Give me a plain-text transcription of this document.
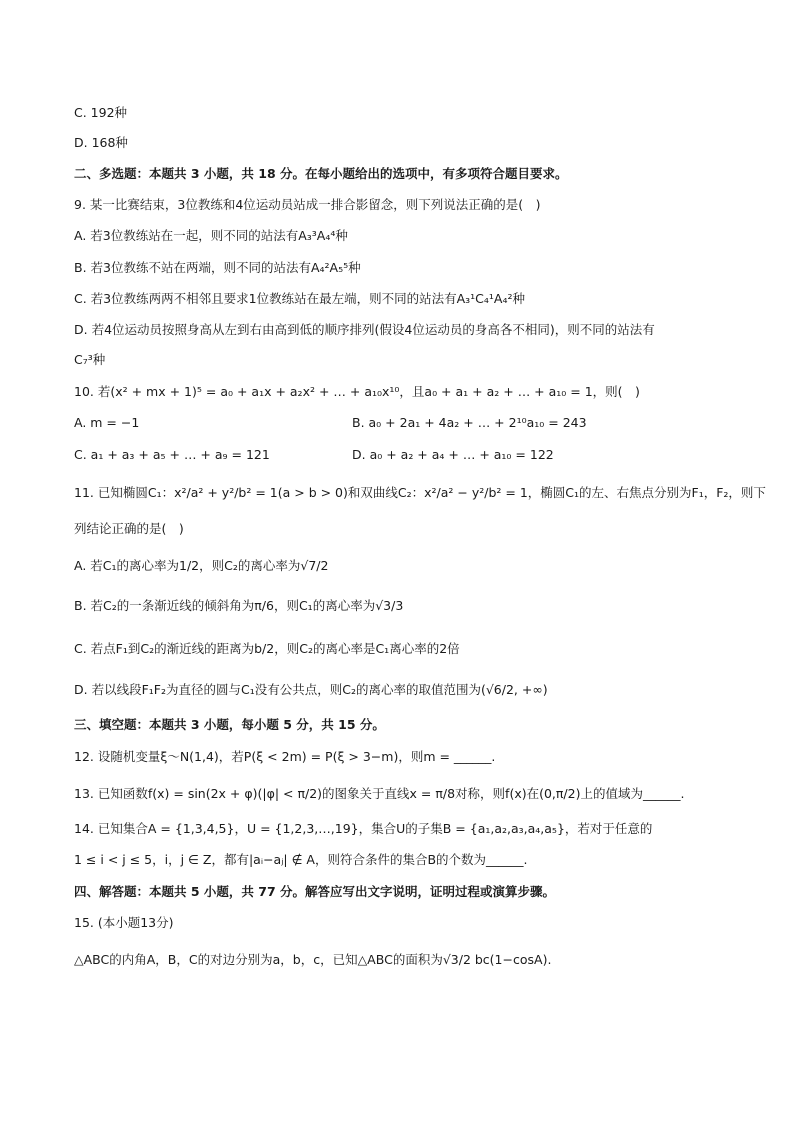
C. 192种
D. 168种
二、多选题：本题共 3 小题，共 18 分。在每小题给出的选项中，有多项符合题目要求。
9. 某一比赛结束，3位教练和4位运动员站成一排合影留念，则下列说法正确的是(　)
A. 若3位教练站在一起，则不同的站法有A₃³A₄⁴种
B. 若3位教练不站在两端，则不同的站法有A₄²A₅⁵种
C. 若3位教练两两不相邻且要求1位教练站在最左端，则不同的站法有A₃¹C₄¹A₄²种
D. 若4位运动员按照身高从左到右由高到低的顺序排列(假设4位运动员的身高各不相同)，则不同的站法有
C₇³种
10. 若(x² + mx + 1)⁵ = a₀ + a₁x + a₂x² + … + a₁₀x¹⁰，且a₀ + a₁ + a₂ + … + a₁₀ = 1，则(　)
A. m = −1	B. a₀ + 2a₁ + 4a₂ + … + 2¹⁰a₁₀ = 243
C. a₁ + a₃ + a₅ + … + a₉ = 121	D. a₀ + a₂ + a₄ + … + a₁₀ = 122
11. 已知椭圆C₁：x²/a² + y²/b² = 1(a > b > 0)和双曲线C₂：x²/a² − y²/b² = 1，椭圆C₁的左、右焦点分别为F₁，F₂，则下
列结论正确的是(　)
A. 若C₁的离心率为1/2，则C₂的离心率为√7/2
B. 若C₂的一条渐近线的倾斜角为π/6，则C₁的离心率为√3/3
C. 若点F₁到C₂的渐近线的距离为b/2，则C₂的离心率是C₁离心率的2倍
D. 若以线段F₁F₂为直径的圆与C₁没有公共点，则C₂的离心率的取值范围为(√6/2, +∞)
三、填空题：本题共 3 小题，每小题 5 分，共 15 分。
12. 设随机变量ξ～N(1,4)，若P(ξ < 2m) = P(ξ > 3−m)，则m = ______.
13. 已知函数f(x) = sin(2x + φ)(|φ| < π/2)的图象关于直线x = π/8对称，则f(x)在(0,π/2)上的值域为______.
14. 已知集合A = {1,3,4,5}，U = {1,2,3,…,19}，集合U的子集B = {a₁,a₂,a₃,a₄,a₅}，若对于任意的
1 ≤ i < j ≤ 5，i，j ∈ Z，都有|aᵢ−aⱼ| ∉ A，则符合条件的集合B的个数为______.
四、解答题：本题共 5 小题，共 77 分。解答应写出文字说明，证明过程或演算步骤。
15. (本小题13分)
△ABC的内角A，B，C的对边分别为a，b，c，已知△ABC的面积为√3/2 bc(1−cosA).
